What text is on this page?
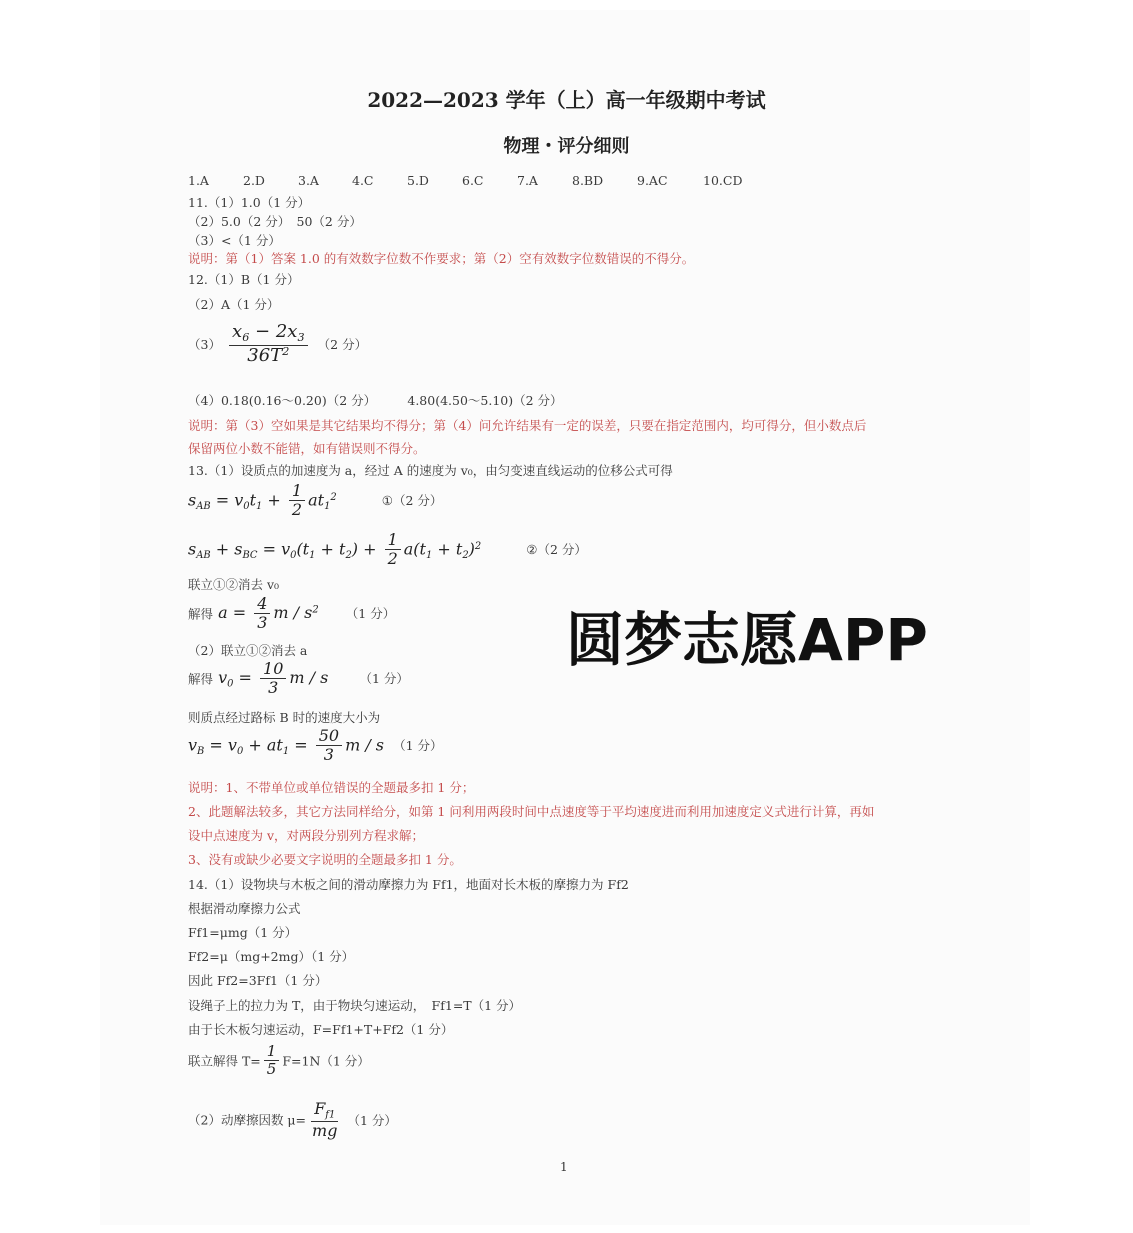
2022—2023 学年（上）高一年级期中考试
物理・评分细则
1.A	2.D	3.A	4.C	5.D	6.C	7.A	8.BD	9.AC	10.CD
11.（1）1.0（1 分）
（2）5.0（2 分）　50（2 分）
（3）<（1 分）
说明：第（1）答案 1.0 的有效数字位数不作要求；第（2）空有效数字位数错误的不得分。
12.（1）B（1 分）
（2）A（1 分）
$(3) \frac{x_6 - 2x_3}{36T^2} (2$ 分）
（4）0.18(0.16～0.20)（2 分）　　　4.80(4.50～5.10)（2 分）
说明：第（3）空如果是其它结果均不得分；第（4）问允许结果有一定的误差，只要在指定范围内，均可得分，但小数点后
保留两位小数不能错，如有错误则不得分。
13.（1）设质点的加速度为 a，经过 A 的速度为 v₀，由匀变速直线运动的位移公式可得
$s_{AB} = v_0t_1 + \frac{1}{2} at_1^2$	①（2 分）
$s_{AB} + s_{BC} = v_0(t_1 + t_2) + \frac{1}{2} a(t_1 + t_2)^2$	②（2 分）
联立①②消去 v₀
解得 $a = \frac{4}{3}$ m / $s^2$ （1 分）
（2）联立①②消去 a
解得 $v_0 = \frac{10}{3}$ m / s （1 分）
则质点经过路标 B 时的速度大小为
$v_B = v_0 + at_1 = \frac{50}{3}$ m / s （1 分）
说明：1、不带单位或单位错误的全题最多扣 1 分；
2、此题解法较多，其它方法同样给分，如第 1 问利用两段时间中点速度等于平均速度进而利用加速度定义式进行计算，再如
设中点速度为 v，对两段分别列方程求解；
3、没有或缺少必要文字说明的全题最多扣 1 分。
14.（1）设物块与木板之间的滑动摩擦力为 Ff1，地面对长木板的摩擦力为 Ff2
根据滑动摩擦力公式
Ff1=μmg（1 分）
Ff2=μ（mg+2mg）（1 分）
因此 Ff2=3Ff1（1 分）
设绳子上的拉力为 T，由于物块匀速运动，　Ff1=T（1 分）
由于长木板匀速运动，F=Ff1+T+Ff2（1 分）
联立解得 $T= \frac{1}{5} F=1N(1$ 分）
（2）动摩擦因数 $\mu= \frac{F_{f1}}{mg} (1$ 分）
圆梦志愿APP
1
